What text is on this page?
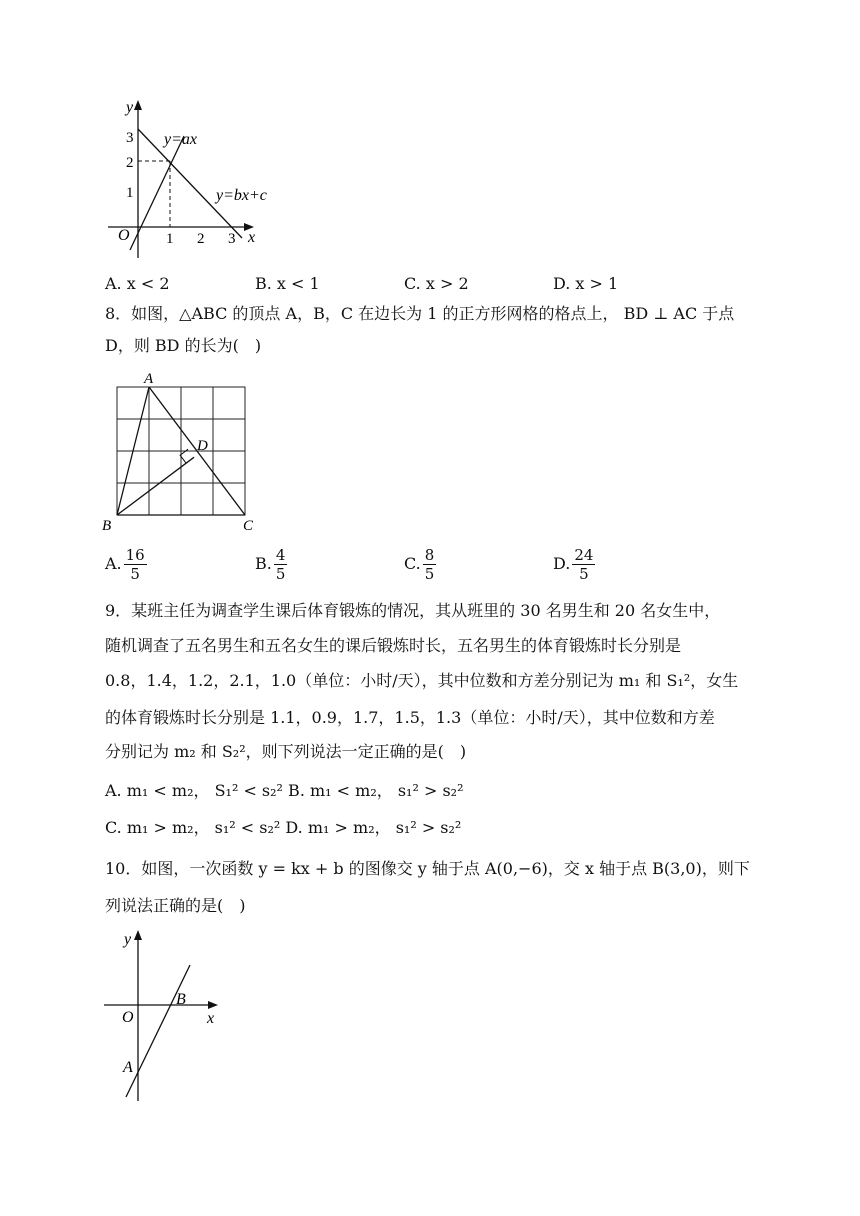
y
x
O
3
2
1
1 2 3
y=ax
y=bx+c
A. x < 2	B. x < 1	C. x > 2	D. x > 1
8．如图，△ABC 的顶点 A，B，C 在边长为 1 的正方形网格的格点上， BD ⊥ AC 于点
D，则 BD 的长为(　)
A
B	C
D
A. $\frac{16}{5}$	B. $\frac{4}{5}$	C. $\frac{8}{5}$	D. $\frac{24}{5}$
9．某班主任为调查学生课后体育锻炼的情况，其从班里的 30 名男生和 20 名女生中，
随机调查了五名男生和五名女生的课后锻炼时长，五名男生的体育锻炼时长分别是
0.8，1.4，1.2，2.1，1.0（单位：小时/天），其中位数和方差分别记为 m₁ 和 S₁²，女生
的体育锻炼时长分别是 1.1，0.9，1.7，1.5，1.3（单位：小时/天），其中位数和方差
分别记为 m₂ 和 S₂²，则下列说法一定正确的是(　)
A. m₁ < m₂， S₁² < s₂² B. m₁ < m₂， s₁² > s₂²
C. m₁ > m₂， s₁² < s₂² D. m₁ > m₂， s₁² > s₂²
10．如图，一次函数 y = kx + b 的图像交 y 轴于点 A(0,−6)，交 x 轴于点 B(3,0)，则下
列说法正确的是(　)
y
x
O
A
B
